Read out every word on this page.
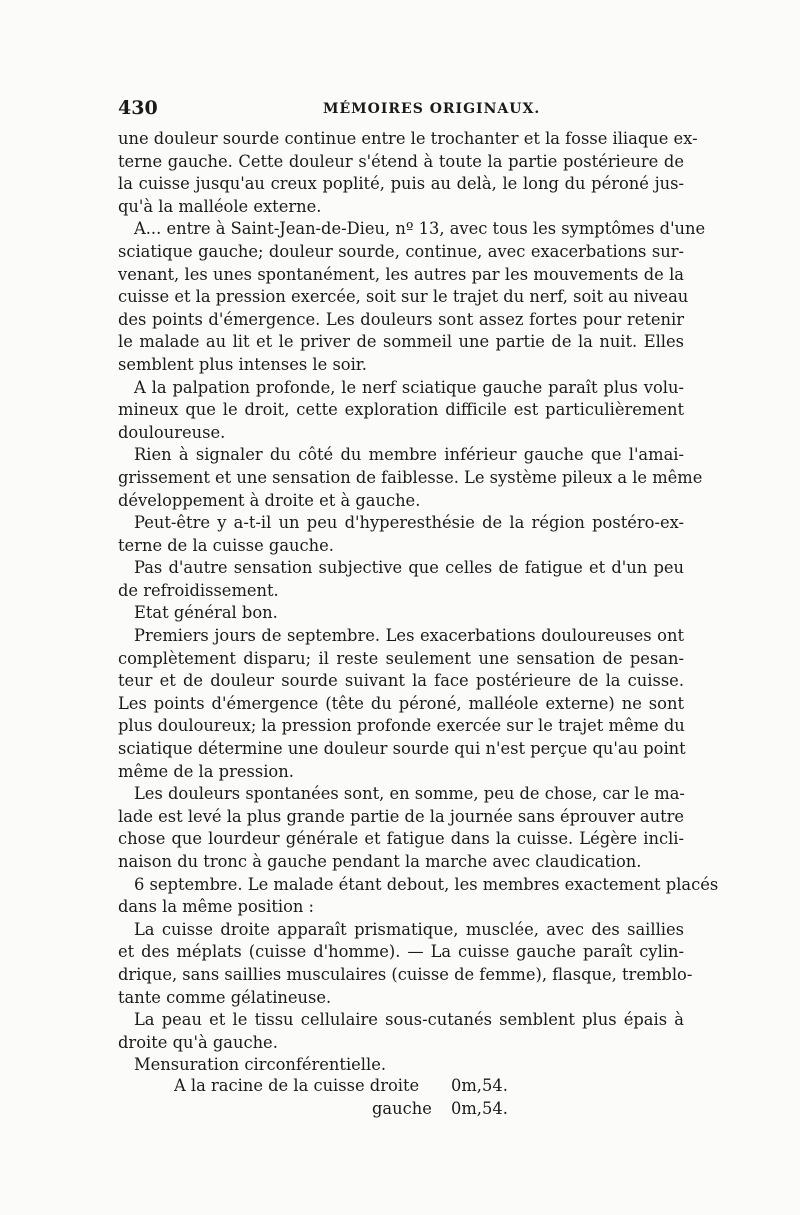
430	MÉMOIRES ORIGINAUX.
une douleur sourde continue entre le trochanter et la fosse iliaque ex-
terne gauche. Cette douleur s'étend à toute la partie postérieure de
la cuisse jusqu'au creux poplité, puis au delà, le long du péroné jus-
qu'à la malléole externe.
A... entre à Saint-Jean-de-Dieu, nº 13, avec tous les symptômes d'une
sciatique gauche; douleur sourde, continue, avec exacerbations sur-
venant, les unes spontanément, les autres par les mouvements de la
cuisse et la pression exercée, soit sur le trajet du nerf, soit au niveau
des points d'émergence. Les douleurs sont assez fortes pour retenir
le malade au lit et le priver de sommeil une partie de la nuit. Elles
semblent plus intenses le soir.
A la palpation profonde, le nerf sciatique gauche paraît plus volu-
mineux que le droit, cette exploration difficile est particulièrement
douloureuse.
Rien à signaler du côté du membre inférieur gauche que l'amai-
grissement et une sensation de faiblesse. Le système pileux a le même
développement à droite et à gauche.
Peut-être y a-t-il un peu d'hyperesthésie de la région postéro-ex-
terne de la cuisse gauche.
Pas d'autre sensation subjective que celles de fatigue et d'un peu
de refroidissement.
Etat général bon.
Premiers jours de septembre. Les exacerbations douloureuses ont
complètement disparu; il reste seulement une sensation de pesan-
teur et de douleur sourde suivant la face postérieure de la cuisse.
Les points d'émergence (tête du péroné, malléole externe) ne sont
plus douloureux; la pression profonde exercée sur le trajet même du
sciatique détermine une douleur sourde qui n'est perçue qu'au point
même de la pression.
Les douleurs spontanées sont, en somme, peu de chose, car le ma-
lade est levé la plus grande partie de la journée sans éprouver autre
chose que lourdeur générale et fatigue dans la cuisse. Légère incli-
naison du tronc à gauche pendant la marche avec claudication.
6 septembre. Le malade étant debout, les membres exactement placés
dans la même position :
La cuisse droite apparaît prismatique, musclée, avec des saillies
et des méplats (cuisse d'homme). — La cuisse gauche paraît cylin-
drique, sans saillies musculaires (cuisse de femme), flasque, tremblo-
tante comme gélatineuse.
La peau et le tissu cellulaire sous-cutanés semblent plus épais à
droite qu'à gauche.
Mensuration circonférentielle.
A la racine de la cuisse droite 0m,54.
gauche 0m,54.
